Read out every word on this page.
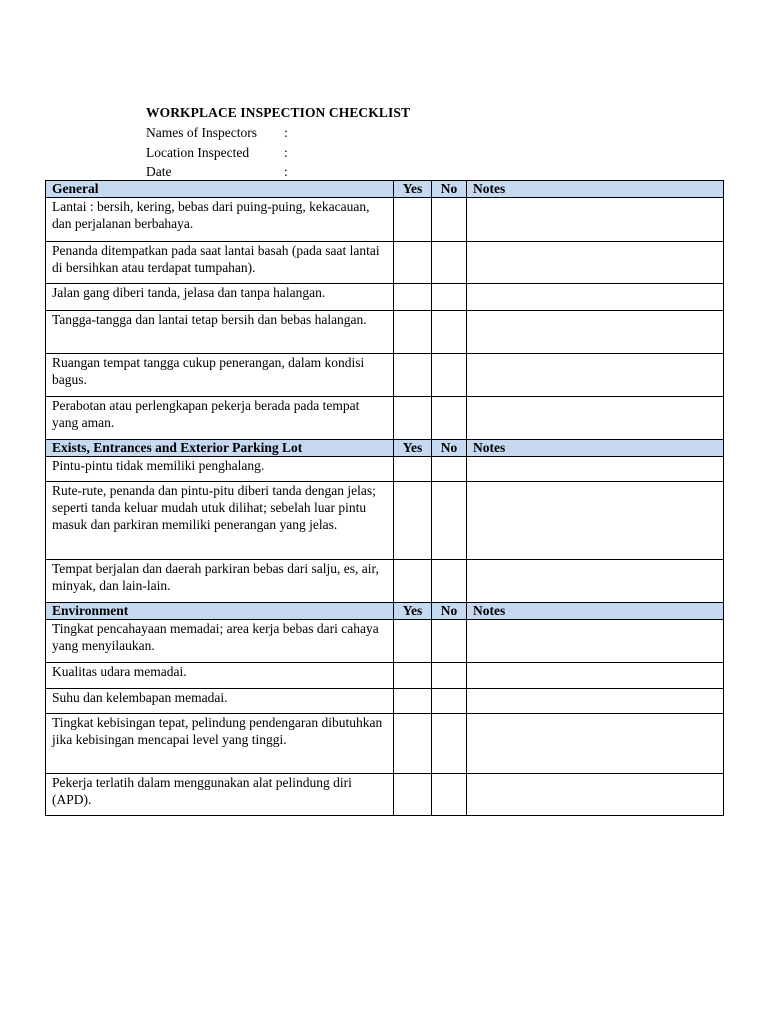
WORKPLACE INSPECTION CHECKLIST
Names of Inspectors	:
Location Inspected	:
Date	:
General	Yes	No	Notes
Lantai : bersih, kering, bebas dari puing-puing, kekacauan, dan perjalanan berbahaya.			
Penanda ditempatkan pada saat lantai basah (pada saat lantai di bersihkan atau terdapat tumpahan).			
Jalan gang diberi tanda, jelasa dan tanpa halangan.			
Tangga-tangga dan lantai tetap bersih dan bebas halangan.			
Ruangan tempat tangga cukup penerangan, dalam kondisi bagus.			
Perabotan atau perlengkapan pekerja berada pada tempat yang aman.			
Exists, Entrances and Exterior Parking Lot	Yes	No	Notes
Pintu-pintu tidak memiliki penghalang.			
Rute-rute, penanda dan pintu-pitu diberi tanda dengan jelas; seperti tanda keluar mudah utuk dilihat; sebelah luar pintu masuk dan parkiran memiliki penerangan yang jelas.			
Tempat berjalan dan daerah parkiran bebas dari salju, es, air, minyak, dan lain-lain.			
Environment	Yes	No	Notes
Tingkat pencahayaan memadai; area kerja bebas dari cahaya yang menyilaukan.			
Kualitas udara memadai.			
Suhu dan kelembapan memadai.			
Tingkat kebisingan tepat, pelindung pendengaran dibutuhkan jika kebisingan mencapai level yang tinggi.			
Pekerja terlatih dalam menggunakan alat pelindung diri (APD).			
